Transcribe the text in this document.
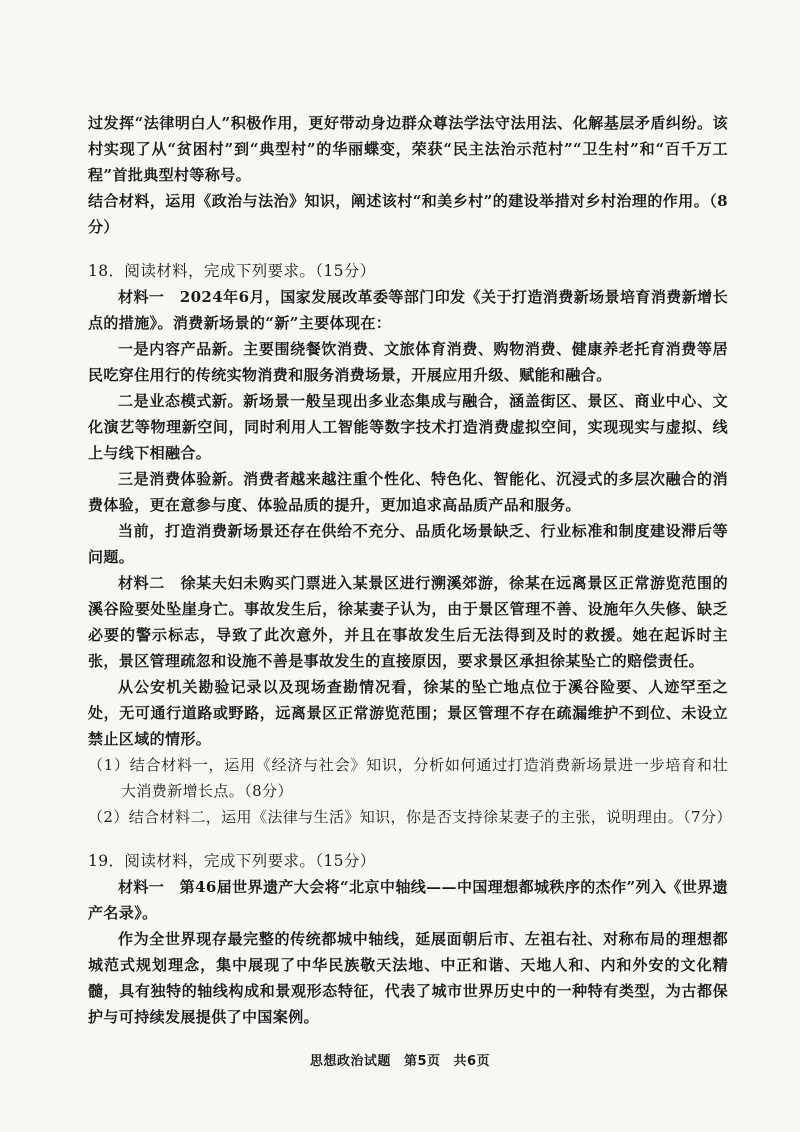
过发挥“法律明白人”积极作用，更好带动身边群众尊法学法守法用法、化解基层矛盾纠纷。该村实现了从“贫困村”到“典型村”的华丽蝶变，荣获“民主法治示范村”“卫生村”和“百千万工程”首批典型村等称号。

结合材料，运用《政治与法治》知识，阐述该村“和美乡村”的建设举措对乡村治理的作用。（8分）

18．阅读材料，完成下列要求。（15分）

材料一　2024年6月，国家发展改革委等部门印发《关于打造消费新场景培育消费新增长点的措施》。消费新场景的“新”主要体现在：

一是内容产品新。主要围绕餐饮消费、文旅体育消费、购物消费、健康养老托育消费等居民吃穿住用行的传统实物消费和服务消费场景，开展应用升级、赋能和融合。

二是业态模式新。新场景一般呈现出多业态集成与融合，涵盖街区、景区、商业中心、文化演艺等物理新空间，同时利用人工智能等数字技术打造消费虚拟空间，实现现实与虚拟、线上与线下相融合。

三是消费体验新。消费者越来越注重个性化、特色化、智能化、沉浸式的多层次融合的消费体验，更在意参与度、体验品质的提升，更加追求高品质产品和服务。

当前，打造消费新场景还存在供给不充分、品质化场景缺乏、行业标准和制度建设滞后等问题。

材料二　徐某夫妇未购买门票进入某景区进行溯溪郊游，徐某在远离景区正常游览范围的溪谷险要处坠崖身亡。事故发生后，徐某妻子认为，由于景区管理不善、设施年久失修、缺乏必要的警示标志，导致了此次意外，并且在事故发生后无法得到及时的救援。她在起诉时主张，景区管理疏忽和设施不善是事故发生的直接原因，要求景区承担徐某坠亡的赔偿责任。

从公安机关勘验记录以及现场查勘情况看，徐某的坠亡地点位于溪谷险要、人迹罕至之处，无可通行道路或野路，远离景区正常游览范围；景区管理不存在疏漏维护不到位、未设立禁止区域的情形。

（1）结合材料一，运用《经济与社会》知识，分析如何通过打造消费新场景进一步培育和壮大消费新增长点。（8分）

（2）结合材料二，运用《法律与生活》知识，你是否支持徐某妻子的主张，说明理由。（7分）

19．阅读材料，完成下列要求。（15分）

材料一　第46届世界遗产大会将“北京中轴线——中国理想都城秩序的杰作”列入《世界遗产名录》。

作为全世界现存最完整的传统都城中轴线，延展面朝后市、左祖右社、对称布局的理想都城范式规划理念，集中展现了中华民族敬天法地、中正和谐、天地人和、内和外安的文化精髓，具有独特的轴线构成和景观形态特征，代表了城市世界历史中的一种特有类型，为古都保护与可持续发展提供了中国案例。

思想政治试题 第5页 共6页
